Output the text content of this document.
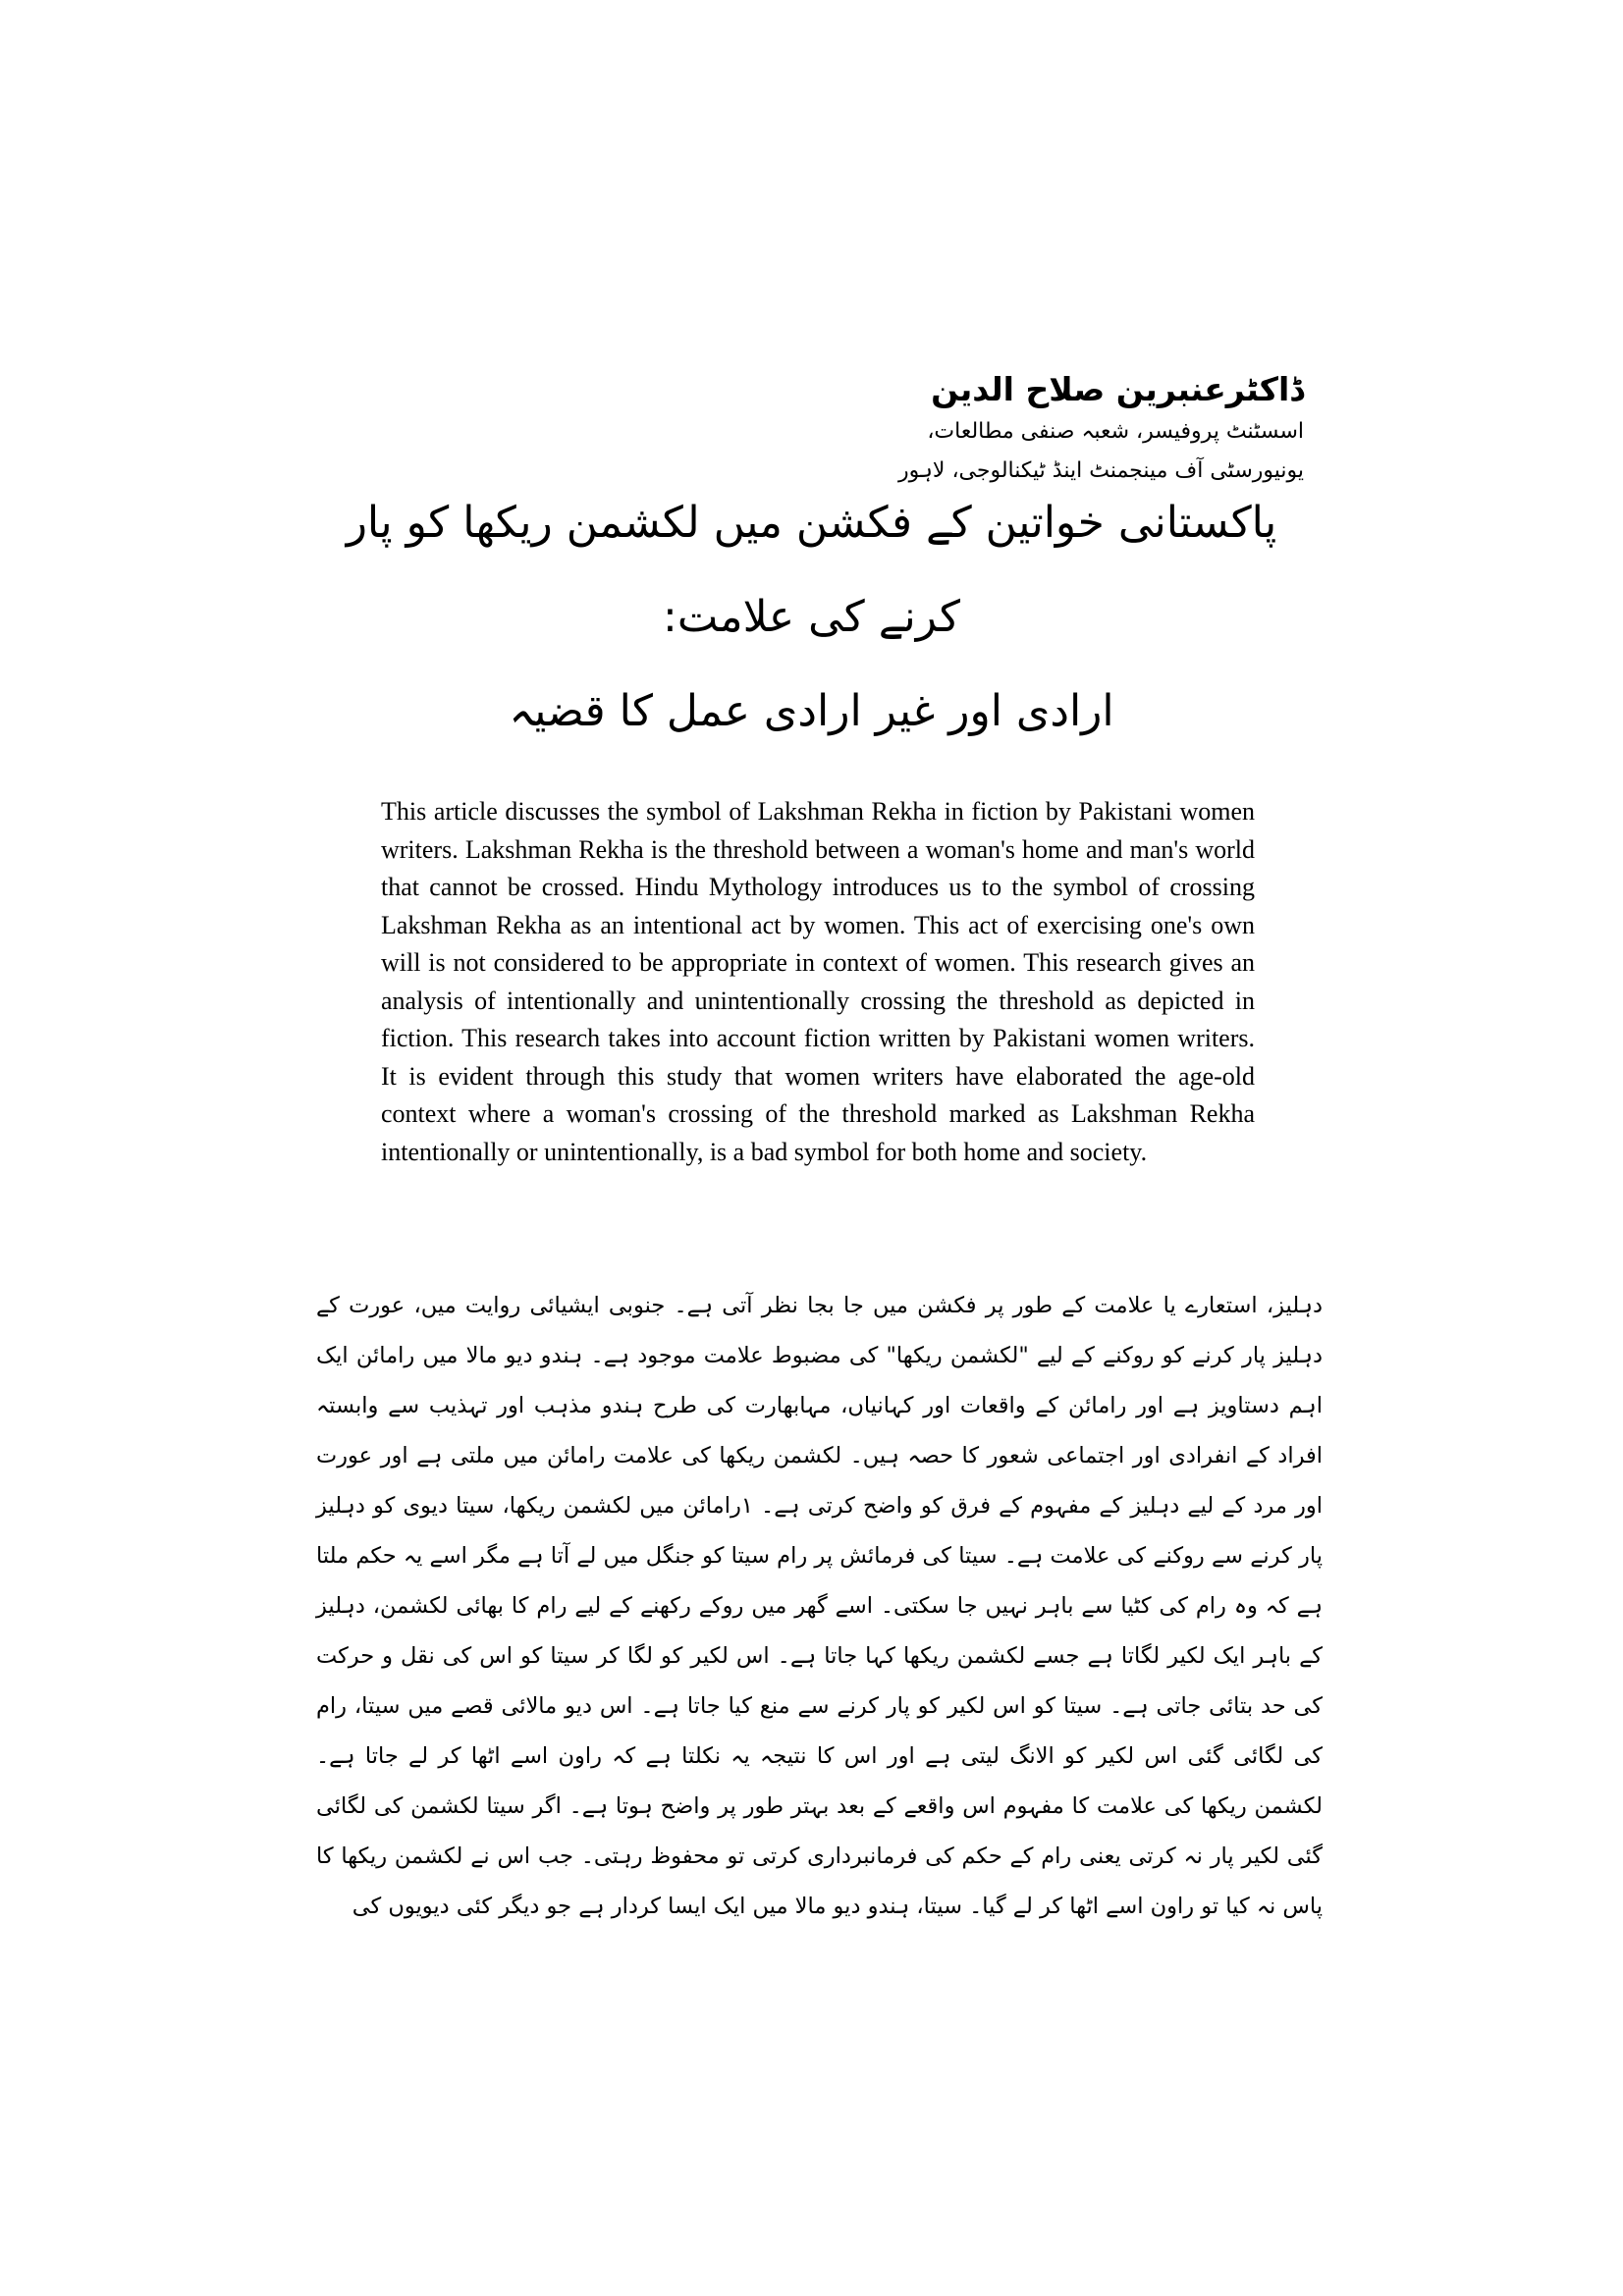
ڈاکٹرعنبرین صلاح الدین

اسسٹنٹ پروفیسر، شعبہ صنفی مطالعات،

یونیورسٹی آف مینجمنٹ اینڈ ٹیکنالوجی، لاہور

پاکستانی خواتین کے فکشن میں لکشمن ریکھا کو پار کرنے کی علامت:
ارادی اور غیر ارادی عمل کا قضیہ

This article discusses the symbol of Lakshman Rekha in fiction by Pakistani women writers. Lakshman Rekha is the threshold between a woman's home and man's world that cannot be crossed. Hindu Mythology introduces us to the symbol of crossing Lakshman Rekha as an intentional act by women. This act of exercising one's own will is not considered to be appropriate in context of women. This research gives an analysis of intentionally and unintentionally crossing the threshold as depicted in fiction. This research takes into account fiction written by Pakistani women writers. It is evident through this study that women writers have elaborated the age-old context where a woman's crossing of the threshold marked as Lakshman Rekha intentionally or unintentionally, is a bad symbol for both home and society.

دہلیز، استعارے یا علامت کے طور پر فکشن میں جا بجا نظر آتی ہے۔ جنوبی ایشیائی روایت میں، عورت کے دہلیز پار کرنے کو روکنے کے لیے "لکشمن ریکھا" کی مضبوط علامت موجود ہے۔ ہندو دیو مالا میں رامائن ایک اہم دستاویز ہے اور رامائن کے واقعات اور کہانیاں، مہابھارت کی طرح ہندو مذہب اور تہذیب سے وابستہ افراد کے انفرادی اور اجتماعی شعور کا حصہ ہیں۔ لکشمن ریکھا کی علامت رامائن میں ملتی ہے اور عورت اور مرد کے لیے دہلیز کے مفہوم کے فرق کو واضح کرتی ہے۔ ۱رامائن میں لکشمن ریکھا، سیتا دیوی کو دہلیز پار کرنے سے روکنے کی علامت ہے۔ سیتا کی فرمائش پر رام سیتا کو جنگل میں لے آتا ہے مگر اسے یہ حکم ملتا ہے کہ وہ رام کی کٹیا سے باہر نہیں جا سکتی۔ اسے گھر میں روکے رکھنے کے لیے رام کا بھائی لکشمن، دہلیز کے باہر ایک لکیر لگاتا ہے جسے لکشمن ریکھا کہا جاتا ہے۔ اس لکیر کو لگا کر سیتا کو اس کی نقل و حرکت کی حد بتائی جاتی ہے۔ سیتا کو اس لکیر کو پار کرنے سے منع کیا جاتا ہے۔ اس دیو مالائی قصے میں سیتا، رام کی لگائی گئی اس لکیر کو الانگ لیتی ہے اور اس کا نتیجہ یہ نکلتا ہے کہ راون اسے اٹھا کر لے جاتا ہے۔ لکشمن ریکھا کی علامت کا مفہوم اس واقعے کے بعد بہتر طور پر واضح ہوتا ہے۔ اگر سیتا لکشمن کی لگائی گئی لکیر پار نہ کرتی یعنی رام کے حکم کی فرمانبرداری کرتی تو محفوظ رہتی۔ جب اس نے لکشمن ریکھا کا پاس نہ کیا تو راون اسے اٹھا کر لے گیا۔ سیتا، ہندو دیو مالا میں ایک ایسا کردار ہے جو دیگر کئی دیویوں کی
